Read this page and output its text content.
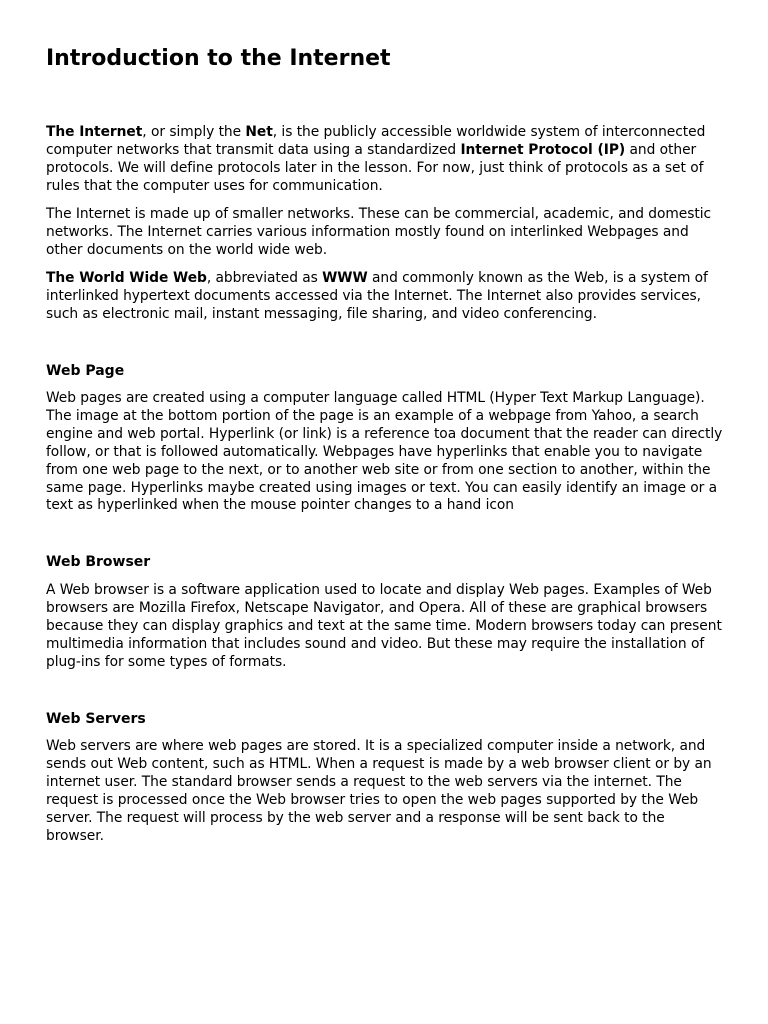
Introduction to the Internet

The Internet, or simply the Net, is the publicly accessible worldwide system of interconnected computer networks that transmit data using a standardized Internet Protocol (IP) and other protocols. We will define protocols later in the lesson. For now, just think of protocols as a set of rules that the computer uses for communication.

The Internet is made up of smaller networks. These can be commercial, academic, and domestic networks. The Internet carries various information mostly found on interlinked Webpages and other documents on the world wide web.

The World Wide Web, abbreviated as WWW and commonly known as the Web, is a system of interlinked hypertext documents accessed via the Internet. The Internet also provides services, such as electronic mail, instant messaging, file sharing, and video conferencing.

Web Page

Web pages are created using a computer language called HTML (Hyper Text Markup Language). The image at the bottom portion of the page is an example of a webpage from Yahoo, a search engine and web portal. Hyperlink (or link) is a reference toa document that the reader can directly follow, or that is followed automatically. Webpages have hyperlinks that enable you to navigate from one web page to the next, or to another web site or from one section to another, within the same page. Hyperlinks maybe created using images or text. You can easily identify an image or a text as hyperlinked when the mouse pointer changes to a hand icon

Web Browser

A Web browser is a software application used to locate and display Web pages. Examples of Web browsers are Mozilla Firefox, Netscape Navigator, and Opera. All of these are graphical browsers because they can display graphics and text at the same time. Modern browsers today can present multimedia information that includes sound and video. But these may require the installation of plug-ins for some types of formats.

Web Servers

Web servers are where web pages are stored. It is a specialized computer inside a network, and sends out Web content, such as HTML. When a request is made by a web browser client or by an internet user. The standard browser sends a request to the web servers via the internet. The request is processed once the Web browser tries to open the web pages supported by the Web server. The request will process by the web server and a response will be sent back to the browser.
